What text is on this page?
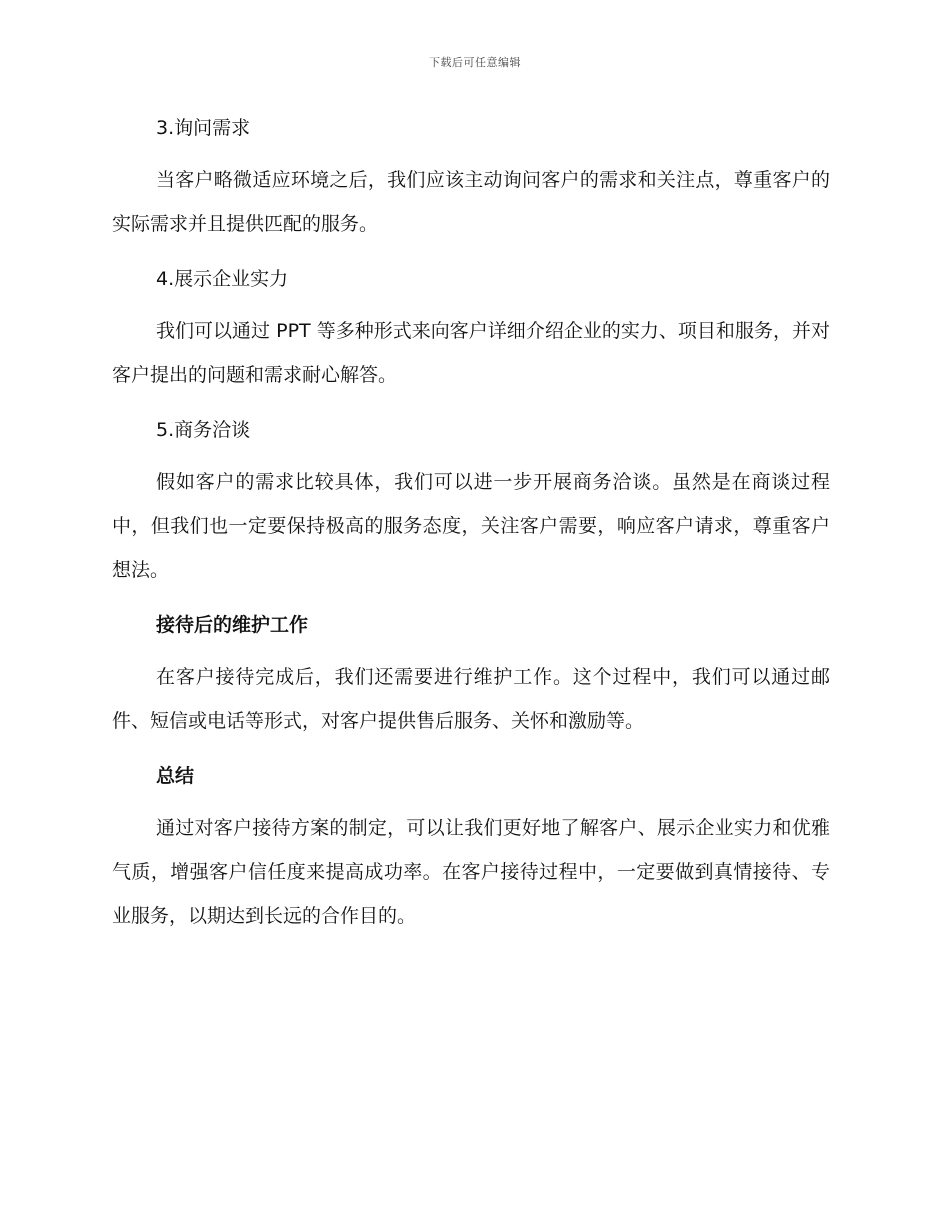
下载后可任意编辑
3.询问需求

当客户略微适应环境之后，我们应该主动询问客户的需求和关注点，尊重客户的实际需求并且提供匹配的服务。

4.展示企业实力

我们可以通过 PPT 等多种形式来向客户详细介绍企业的实力、项目和服务，并对客户提出的问题和需求耐心解答。

5.商务洽谈

假如客户的需求比较具体，我们可以进一步开展商务洽谈。虽然是在商谈过程中，但我们也一定要保持极高的服务态度，关注客户需要，响应客户请求，尊重客户想法。

接待后的维护工作

在客户接待完成后，我们还需要进行维护工作。这个过程中，我们可以通过邮件、短信或电话等形式，对客户提供售后服务、关怀和激励等。

总结

通过对客户接待方案的制定，可以让我们更好地了解客户、展示企业实力和优雅气质，增强客户信任度来提高成功率。在客户接待过程中，一定要做到真情接待、专业服务，以期达到长远的合作目的。
